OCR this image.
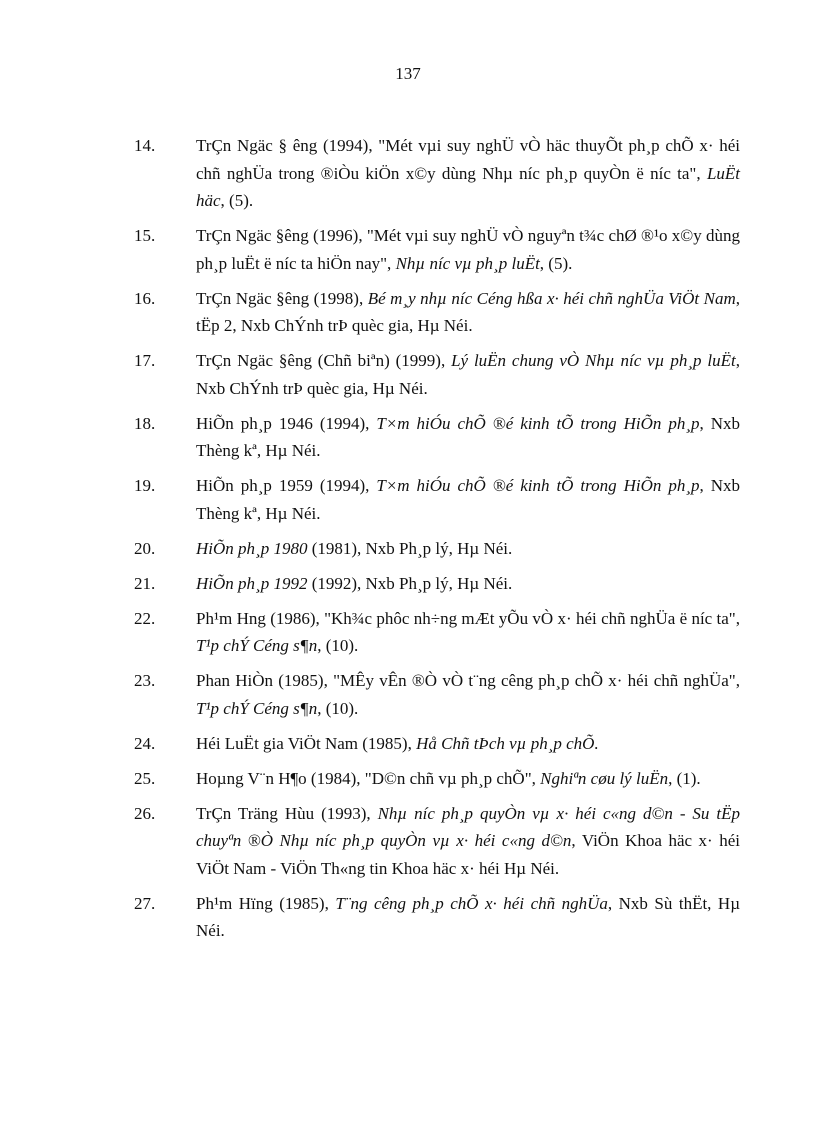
137
14. TrÇn Ngäc § êng (1994), "Mét vµi suy nghÜ vÒ häc thuyÕt ph¸p chÕ x· héi chñ nghÜa trong ®iÒu kiÖn x©y dùng Nhµ níc ph¸p quyÒn ë níc ta", LuËt häc, (5).
15. TrÇn Ngäc §êng (1996), "Mét vµi suy nghÜ vÒ nguyªn t¾c chØ ®¹o x©y dùng ph¸p luËt ë níc ta hiÖn nay", Nhµ níc vµ ph¸p luËt, (5).
16. TrÇn Ngäc §êng (1998), Bé m¸y nhµ níc Céng hßa x· héi chñ nghÜa ViÖt Nam, tËp 2, Nxb ChÝnh trÞ quèc gia, Hµ Néi.
17. TrÇn Ngäc §êng (Chñ biªn) (1999), Lý luËn chung vÒ Nhµ níc vµ ph¸p luËt, Nxb ChÝnh trÞ quèc gia, Hµ Néi.
18. HiÕn ph¸p 1946 (1994), T×m hiÓu chÕ ®é kinh tÕ trong HiÕn ph¸p, Nxb Thèng kª, Hµ Néi.
19. HiÕn ph¸p 1959 (1994), T×m hiÓu chÕ ®é kinh tÕ trong HiÕn ph¸p, Nxb Thèng kª, Hµ Néi.
20. HiÕn ph¸p 1980 (1981), Nxb Ph¸p lý, Hµ Néi.
21. HiÕn ph¸p 1992 (1992), Nxb Ph¸p lý, Hµ Néi.
22. Ph¹m Hng (1986), "Kh¾c phôc nh÷ng mÆt yÕu vÒ x· héi chñ nghÜa ë níc ta", T¹p chÝ Céng s¶n, (10).
23. Phan HiÒn (1985), "MÊy vÊn ®Ò vÒ t¨ng cêng ph¸p chÕ x· héi chñ nghÜa", T¹p chÝ Céng s¶n, (10).
24. Héi LuËt gia ViÖt Nam (1985), Hå Chñ tÞch vµ ph¸p chÕ.
25. Hoµng V¨n H¶o (1984), "D©n chñ vµ ph¸p chÕ", Nghiªn cøu lý luËn, (1).
26. TrÇn Träng Hùu (1993), Nhµ níc ph¸p quyÒn vµ x· héi c«ng d©n - Su tËp chuyªn ®Ò Nhµ níc ph¸p quyÒn vµ x· héi c«ng d©n, ViÖn Khoa häc x· héi ViÖt Nam - ViÖn Th«ng tin Khoa häc x· héi Hµ Néi.
27. Ph¹m Hïng (1985), T¨ng cêng ph¸p chÕ x· héi chñ nghÜa, Nxb Sù thËt, Hµ Néi.
